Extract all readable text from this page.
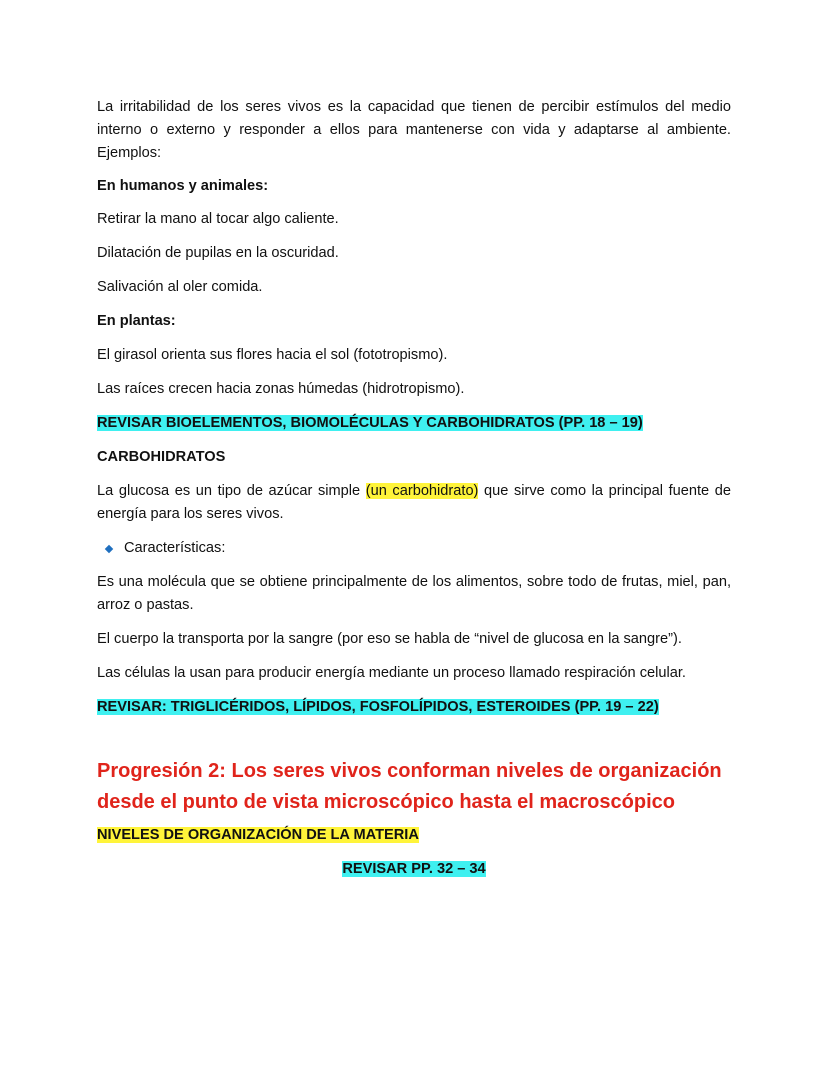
La irritabilidad de los seres vivos es la capacidad que tienen de percibir estímulos del medio interno o externo y responder a ellos para mantenerse con vida y adaptarse al ambiente. Ejemplos:

En humanos y animales:

Retirar la mano al tocar algo caliente.

Dilatación de pupilas en la oscuridad.

Salivación al oler comida.

En plantas:

El girasol orienta sus flores hacia el sol (fototropismo).

Las raíces crecen hacia zonas húmedas (hidrotropismo).

REVISAR BIOELEMENTOS, BIOMOLÉCULAS Y CARBOHIDRATOS (PP. 18 – 19)

CARBOHIDRATOS

La glucosa es un tipo de azúcar simple (un carbohidrato) que sirve como la principal fuente de energía para los seres vivos.

Características:

Es una molécula que se obtiene principalmente de los alimentos, sobre todo de frutas, miel, pan, arroz o pastas.

El cuerpo la transporta por la sangre (por eso se habla de “nivel de glucosa en la sangre”).

Las células la usan para producir energía mediante un proceso llamado respiración celular.

REVISAR: TRIGLICÉRIDOS, LÍPIDOS, FOSFOLÍPIDOS, ESTEROIDES (PP. 19 – 22)

Progresión 2: Los seres vivos conforman niveles de organización desde el punto de vista microscópico hasta el macroscópico

NIVELES DE ORGANIZACIÓN DE LA MATERIA

REVISAR PP. 32 – 34
